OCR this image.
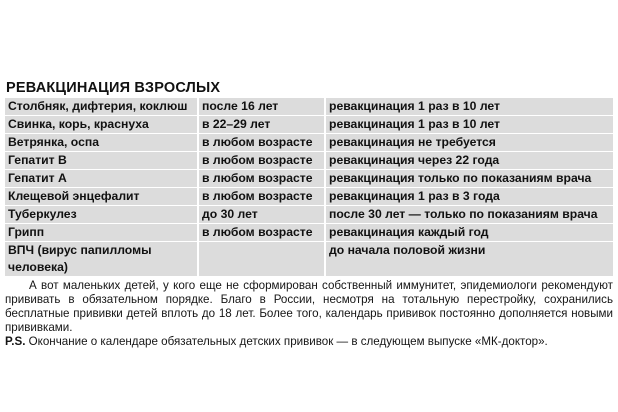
РЕВАКЦИНАЦИЯ ВЗРОСЛЫХ
Столбняк, дифтерия, коклюш	после 16 лет	ревакцинация 1 раз в 10 лет
Свинка, корь, краснуха	в 22–29 лет	ревакцинация 1 раз в 10 лет
Ветрянка, оспа	в любом возрасте	ревакцинация не требуется
Гепатит В	в любом возрасте	ревакцинация через 22 года
Гепатит А	в любом возрасте	ревакцинация только по показаниям врача
Клещевой энцефалит	в любом возрасте	ревакцинация 1 раз в 3 года
Туберкулез	до 30 лет	после 30 лет — только по показаниям врача
Грипп	в любом возрасте	ревакцинация каждый год
ВПЧ (вирус папилломы человека)		до начала половой жизни

А вот маленьких детей, у кого еще не сформирован собственный иммунитет, эпидемиологи рекомендуют прививать в обязательном порядке. Благо в России, несмотря на тотальную перестройку, сохранились бесплатные прививки детей вплоть до 18 лет. Более того, календарь прививок постоянно дополняется новыми прививками.

P.S. Окончание о календаре обязательных детских прививок — в следующем выпуске «МК-доктор».
